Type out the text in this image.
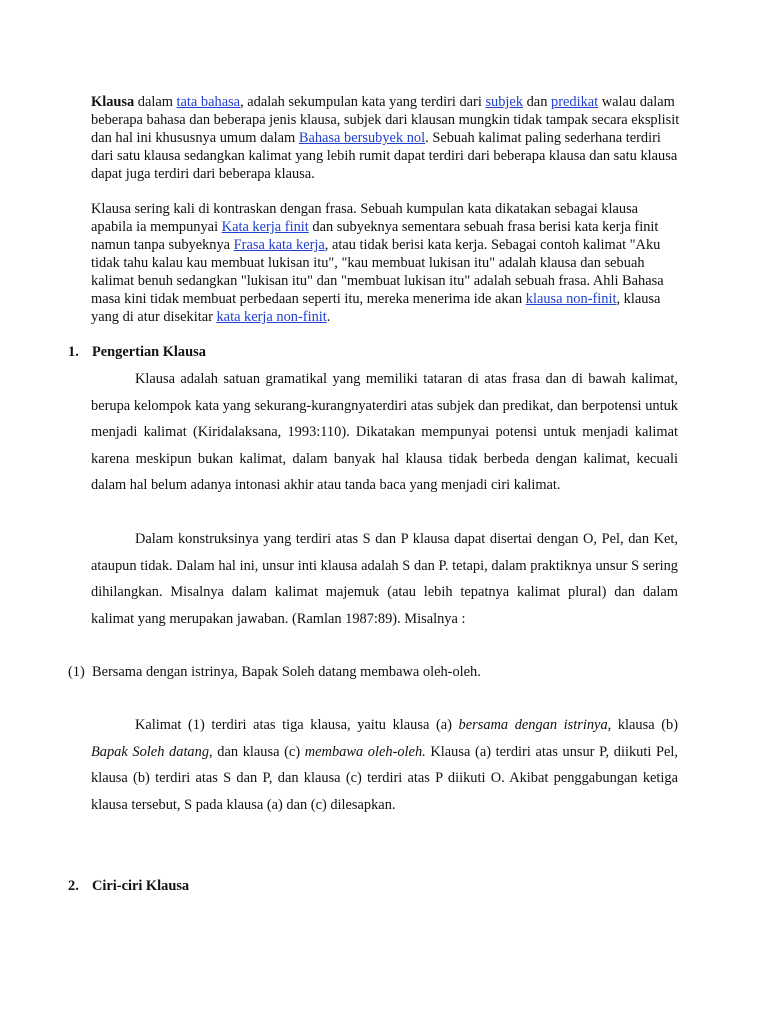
Klausa dalam tata bahasa, adalah sekumpulan kata yang terdiri dari subjek dan predikat walau dalam beberapa bahasa dan beberapa jenis klausa, subjek dari klausan mungkin tidak tampak secara eksplisit dan hal ini khususnya umum dalam Bahasa bersubyek nol. Sebuah kalimat paling sederhana terdiri dari satu klausa sedangkan kalimat yang lebih rumit dapat terdiri dari beberapa klausa dan satu klausa dapat juga terdiri dari beberapa klausa.

Klausa sering kali di kontraskan dengan frasa. Sebuah kumpulan kata dikatakan sebagai klausa apabila ia mempunyai Kata kerja finit dan subyeknya sementara sebuah frasa berisi kata kerja finit namun tanpa subyeknya Frasa kata kerja, atau tidak berisi kata kerja. Sebagai contoh kalimat "Aku tidak tahu kalau kau membuat lukisan itu", "kau membuat lukisan itu" adalah klausa dan sebuah kalimat benuh sedangkan "lukisan itu" dan "membuat lukisan itu" adalah sebuah frasa. Ahli Bahasa masa kini tidak membuat perbedaan seperti itu, mereka menerima ide akan klausa non-finit, klausa yang di atur disekitar kata kerja non-finit.

1. Pengertian Klausa

Klausa adalah satuan gramatikal yang memiliki tataran di atas frasa dan di bawah kalimat, berupa kelompok kata yang sekurang-kurangnyaterdiri atas subjek dan predikat, dan berpotensi untuk menjadi kalimat (Kiridalaksana, 1993:110). Dikatakan mempunyai potensi untuk menjadi kalimat karena meskipun bukan kalimat, dalam banyak hal klausa tidak berbeda dengan kalimat, kecuali dalam hal belum adanya intonasi akhir atau tanda baca yang menjadi ciri kalimat.

Dalam konstruksinya yang terdiri atas S dan P klausa dapat disertai dengan O, Pel, dan Ket, ataupun tidak. Dalam hal ini, unsur inti klausa adalah S dan P. tetapi, dalam praktiknya unsur S sering dihilangkan. Misalnya dalam kalimat majemuk (atau lebih tepatnya kalimat plural) dan dalam kalimat yang merupakan jawaban. (Ramlan 1987:89). Misalnya :

(1) Bersama dengan istrinya, Bapak Soleh datang membawa oleh-oleh.

Kalimat (1) terdiri atas tiga klausa, yaitu klausa (a) bersama dengan istrinya, klausa (b) Bapak Soleh datang, dan klausa (c) membawa oleh-oleh. Klausa (a) terdiri atas unsur P, diikuti Pel, klausa (b) terdiri atas S dan P, dan klausa (c) terdiri atas P diikuti O. Akibat penggabungan ketiga klausa tersebut, S pada klausa (a) dan (c) dilesapkan.

2. Ciri-ciri Klausa
